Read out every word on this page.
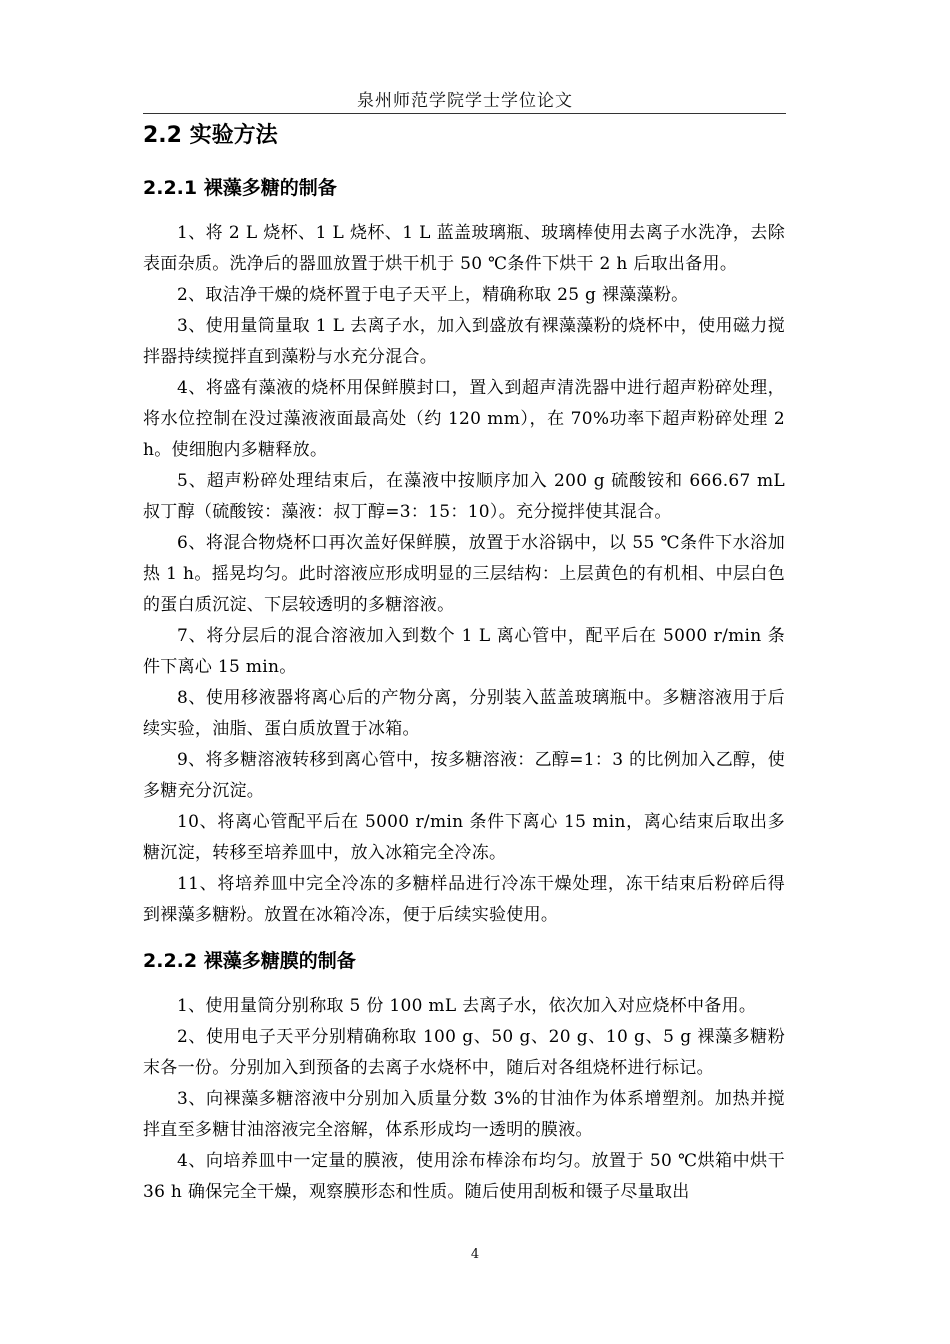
泉州师范学院学士学位论文
2.2 实验方法
2.2.1 裸藻多糖的制备

1、将 2 L 烧杯、1 L 烧杯、1 L 蓝盖玻璃瓶、玻璃棒使用去离子水洗净，去除表面杂质。洗净后的器皿放置于烘干机于 50 ℃条件下烘干 2 h 后取出备用。

2、取洁净干燥的烧杯置于电子天平上，精确称取 25 g 裸藻藻粉。

3、使用量筒量取 1 L 去离子水，加入到盛放有裸藻藻粉的烧杯中，使用磁力搅拌器持续搅拌直到藻粉与水充分混合。

4、将盛有藻液的烧杯用保鲜膜封口，置入到超声清洗器中进行超声粉碎处理，将水位控制在没过藻液液面最高处（约 120 mm），在 70%功率下超声粉碎处理 2 h。使细胞内多糖释放。

5、超声粉碎处理结束后，在藻液中按顺序加入 200 g 硫酸铵和 666.67 mL 叔丁醇（硫酸铵：藻液：叔丁醇=3：15：10）。充分搅拌使其混合。

6、将混合物烧杯口再次盖好保鲜膜，放置于水浴锅中，以 55 ℃条件下水浴加热 1 h。摇晃均匀。此时溶液应形成明显的三层结构：上层黄色的有机相、中层白色的蛋白质沉淀、下层较透明的多糖溶液。

7、将分层后的混合溶液加入到数个 1 L 离心管中，配平后在 5000 r/min 条件下离心 15 min。

8、使用移液器将离心后的产物分离，分别装入蓝盖玻璃瓶中。多糖溶液用于后续实验，油脂、蛋白质放置于冰箱。

9、将多糖溶液转移到离心管中，按多糖溶液：乙醇=1：3 的比例加入乙醇，使多糖充分沉淀。

10、将离心管配平后在 5000 r/min 条件下离心 15 min，离心结束后取出多糖沉淀，转移至培养皿中，放入冰箱完全冷冻。

11、将培养皿中完全冷冻的多糖样品进行冷冻干燥处理，冻干结束后粉碎后得到裸藻多糖粉。放置在冰箱冷冻，便于后续实验使用。

2.2.2 裸藻多糖膜的制备

1、使用量筒分别称取 5 份 100 mL 去离子水，依次加入对应烧杯中备用。

2、使用电子天平分别精确称取 100 g、50 g、20 g、10 g、5 g 裸藻多糖粉末各一份。分别加入到预备的去离子水烧杯中，随后对各组烧杯进行标记。

3、向裸藻多糖溶液中分别加入质量分数 3%的甘油作为体系增塑剂。加热并搅拌直至多糖甘油溶液完全溶解，体系形成均一透明的膜液。

4、向培养皿中一定量的膜液，使用涂布棒涂布均匀。放置于 50 ℃烘箱中烘干 36 h 确保完全干燥，观察膜形态和性质。随后使用刮板和镊子尽量取出

4
